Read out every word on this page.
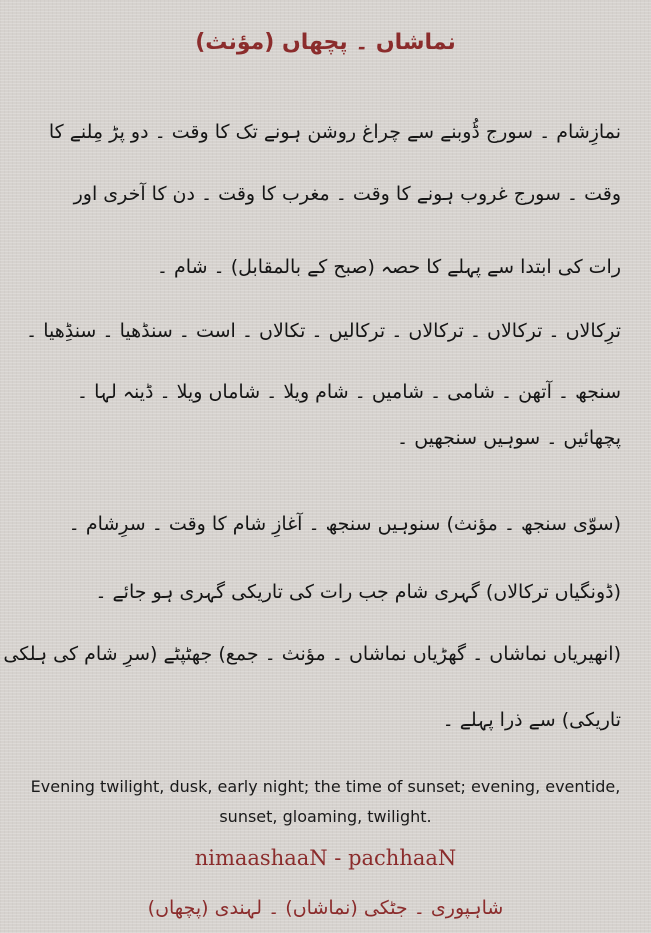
نماشاں ۔ پچھاں (مؤنث)

نمازِشام ۔ سورج ڈُوبنے سے چراغ روشن ہونے تک کا وقت ۔ دو پڑ مِلنے کا

وقت ۔ سورج غروب ہونے کا وقت ۔ مغرب کا وقت ۔ دن کا آخری اور

رات کی ابتدا سے پہلے کا حصہ (صبح کے بالمقابل) ۔ شام ۔

ترِکالاں ۔ ترکالاں ۔ ترکالاں ۔ ترکالیں ۔ تکالاں ۔ است ۔ سنڈھیا ۔ سنڈِھیا ۔

سنجھ ۔ آتھن ۔ شامی ۔ شامیں ۔ شام ویلا ۔ شاماں ویلا ۔ ڈینہ لہا ۔

پچھائیں ۔ سوہیں سنجھیں ۔

(سوّی سنجھ ۔ مؤنث) سنوہیں سنجھ ۔ آغازِ شام کا وقت ۔ سرِشام ۔

(ڈونگیاں ترکالاں) گہری شام جب رات کی تاریکی گہری ہو جائے ۔

(انھیریاں نماشاں ۔ گھڑیاں نماشاں ۔ مؤنث ۔ جمع) جھٹپٹے (سرِ شام کی ہلکی

تاریکی) سے ذرا پہلے ۔

Evening twilight, dusk, early night; the time of sunset; evening, eventide, sunset, gloaming, twilight.
nimaashaaN - pachhaaN
شاہپوری ۔ جٹکی (نماشاں) ۔ لہندی (پچھاں)
